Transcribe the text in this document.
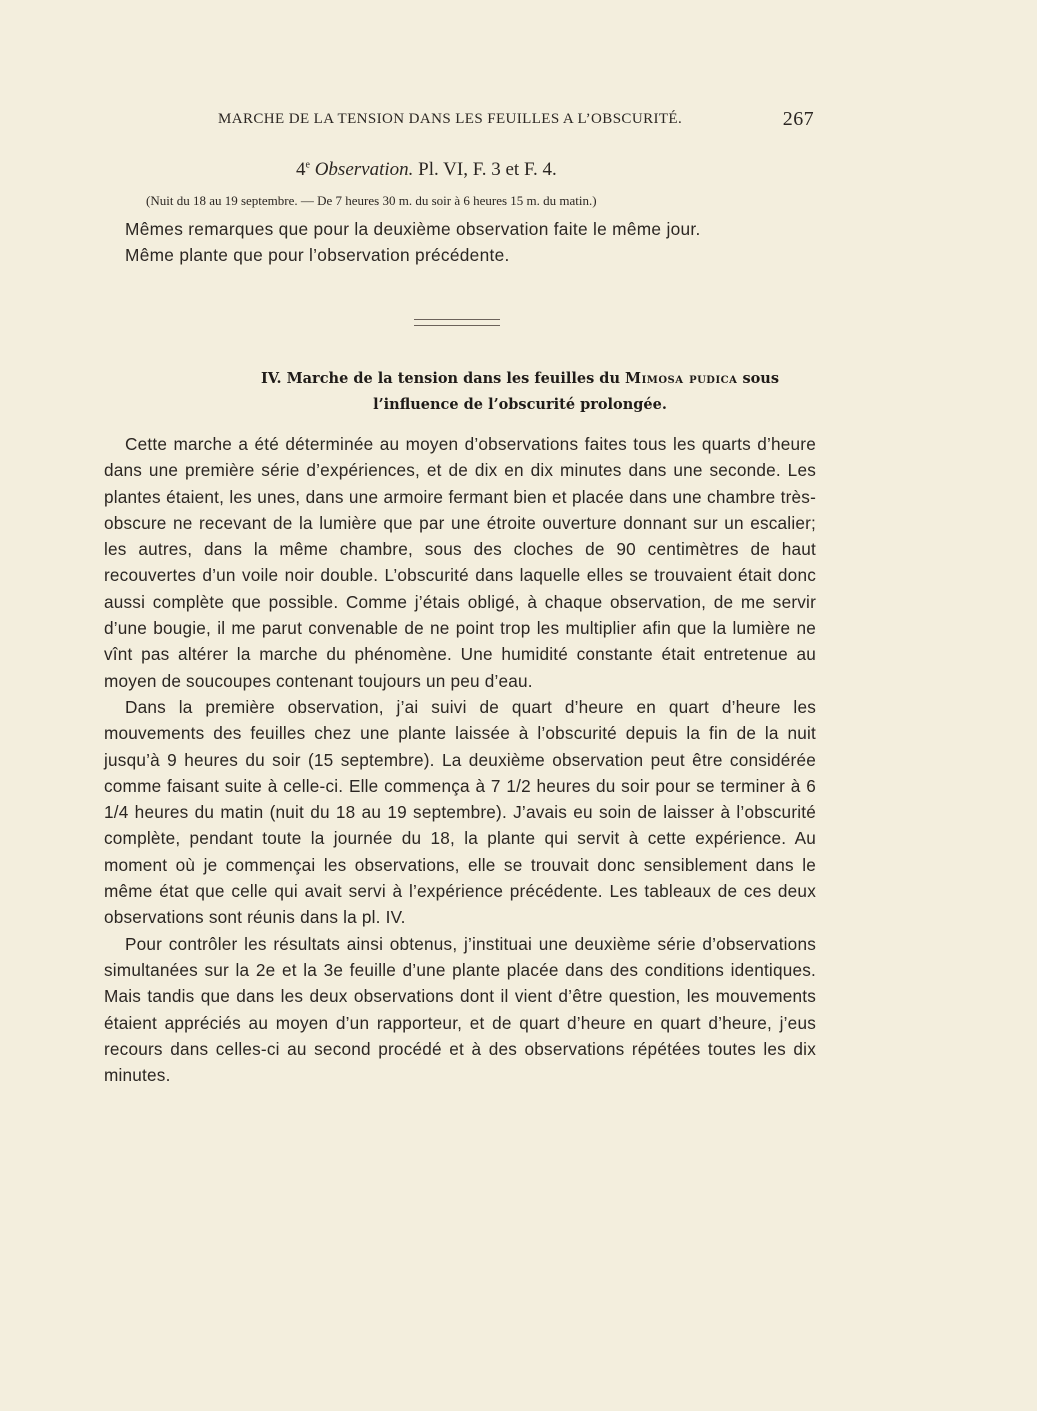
MARCHE DE LA TENSION DANS LES FEUILLES A L’OBSCURITÉ.	267
4e Observation. Pl. VI, F. 3 et F. 4.
(Nuit du 18 au 19 septembre. — De 7 heures 30 m. du soir à 6 heures 15 m. du matin.)

Mêmes remarques que pour la deuxième observation faite le même jour.

Même plante que pour l’observation précédente.

IV. Marche de la tension dans les feuilles du Mimosa pudica sous
l’influence de l’obscurité prolongée.

Cette marche a été déterminée au moyen d’observations faites tous les quarts d’heure dans une première série d’expériences, et de dix en dix minutes dans une seconde. Les plantes étaient, les unes, dans une armoire fermant bien et placée dans une chambre très-obscure ne recevant de la lumière que par une étroite ouverture donnant sur un escalier; les autres, dans la même chambre, sous des cloches de 90 centimètres de haut recouvertes d’un voile noir double. L’obscurité dans laquelle elles se trouvaient était donc aussi complète que possible. Comme j’étais obligé, à chaque observation, de me servir d’une bougie, il me parut convenable de ne point trop les multiplier afin que la lumière ne vînt pas altérer la marche du phénomène. Une humidité constante était entretenue au moyen de soucoupes contenant toujours un peu d’eau.

Dans la première observation, j’ai suivi de quart d’heure en quart d’heure les mouvements des feuilles chez une plante laissée à l’obscurité depuis la fin de la nuit jusqu’à 9 heures du soir (15 septembre). La deuxième observation peut être considérée comme faisant suite à celle-ci. Elle commença à 7 1/2 heures du soir pour se terminer à 6 1/4 heures du matin (nuit du 18 au 19 septembre). J’avais eu soin de laisser à l’obscurité complète, pendant toute la journée du 18, la plante qui servit à cette expérience. Au moment où je commençai les observations, elle se trouvait donc sensiblement dans le même état que celle qui avait servi à l’expérience précédente. Les tableaux de ces deux observations sont réunis dans la pl. IV.

Pour contrôler les résultats ainsi obtenus, j’instituai une deuxième série d’observations simultanées sur la 2e et la 3e feuille d’une plante placée dans des conditions identiques. Mais tandis que dans les deux observations dont il vient d’être question, les mouvements étaient appréciés au moyen d’un rapporteur, et de quart d’heure en quart d’heure, j’eus recours dans celles-ci au second procédé et à des observations répétées toutes les dix minutes.
